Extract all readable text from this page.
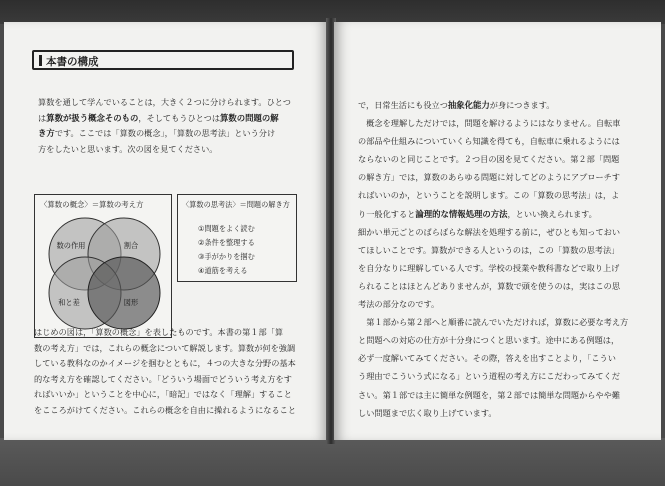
本書の構成

算数を通して学んでいることは，大きく２つに分けられます。ひとつ
は算数が扱う概念そのもの，そしてもうひとつは算数の問題の解
き方です。ここでは「算数の概念」，「算数の思考法」という分け
方をしたいと思います。次の図を見てください。

〈算数の概念〉＝算数の考え方
数の作用	割合
和と差	図形
〈算数の思考法〉＝問題の解き方
①問題をよく読む
②条件を整理する
③手がかりを掴む
④道筋を考える

はじめの図は，「算数の概念」を表したものです。本書の第１部「算
数の考え方」では，これらの概念について解説します。算数が何を強調
している教科なのかイメージを掴むとともに，４つの大きな分野の基本
的な考え方を確認してください。「どういう場面でどういう考え方をす
ればいいか」ということを中心に，「暗記」ではなく「理解」すること
をこころがけてください。これらの概念を自由に操れるようになること

で，日常生活にも役立つ抽象化能力が身につきます。
　概念を理解しただけでは，問題を解けるようにはなりません。自転車
の部品や仕組みについていくら知識を得ても，自転車に乗れるようには
ならないのと同じことです。２つ目の図を見てください。第２部「問題
の解き方」では，算数のあらゆる問題に対してどのようにアプローチす
ればいいのか，ということを説明します。この「算数の思考法」は，よ
り一般化すると論理的な情報処理の方法，といい換えられます。
細かい単元ごとのばらばらな解法を処理する前に，ぜひとも知っておい
てほしいことです。算数ができる人というのは，この「算数の思考法」
を自分なりに理解している人です。学校の授業や教科書などで取り上げ
られることはほとんどありませんが，算数で頭を使うのは，実はこの思
考法の部分なのです。
　第１部から第２部へと順番に読んでいただければ，算数に必要な考え方
と問題への対応の仕方が十分身につくと思います。途中にある例題は，
必ず一度解いてみてください。その際，答えを出すことより，「こうい
う理由でこういう式になる」という道程の考え方にこだわってみてくだ
さい。第１部では主に簡単な例題を，第２部では簡単な問題からやや難
しい問題まで広く取り上げています。
